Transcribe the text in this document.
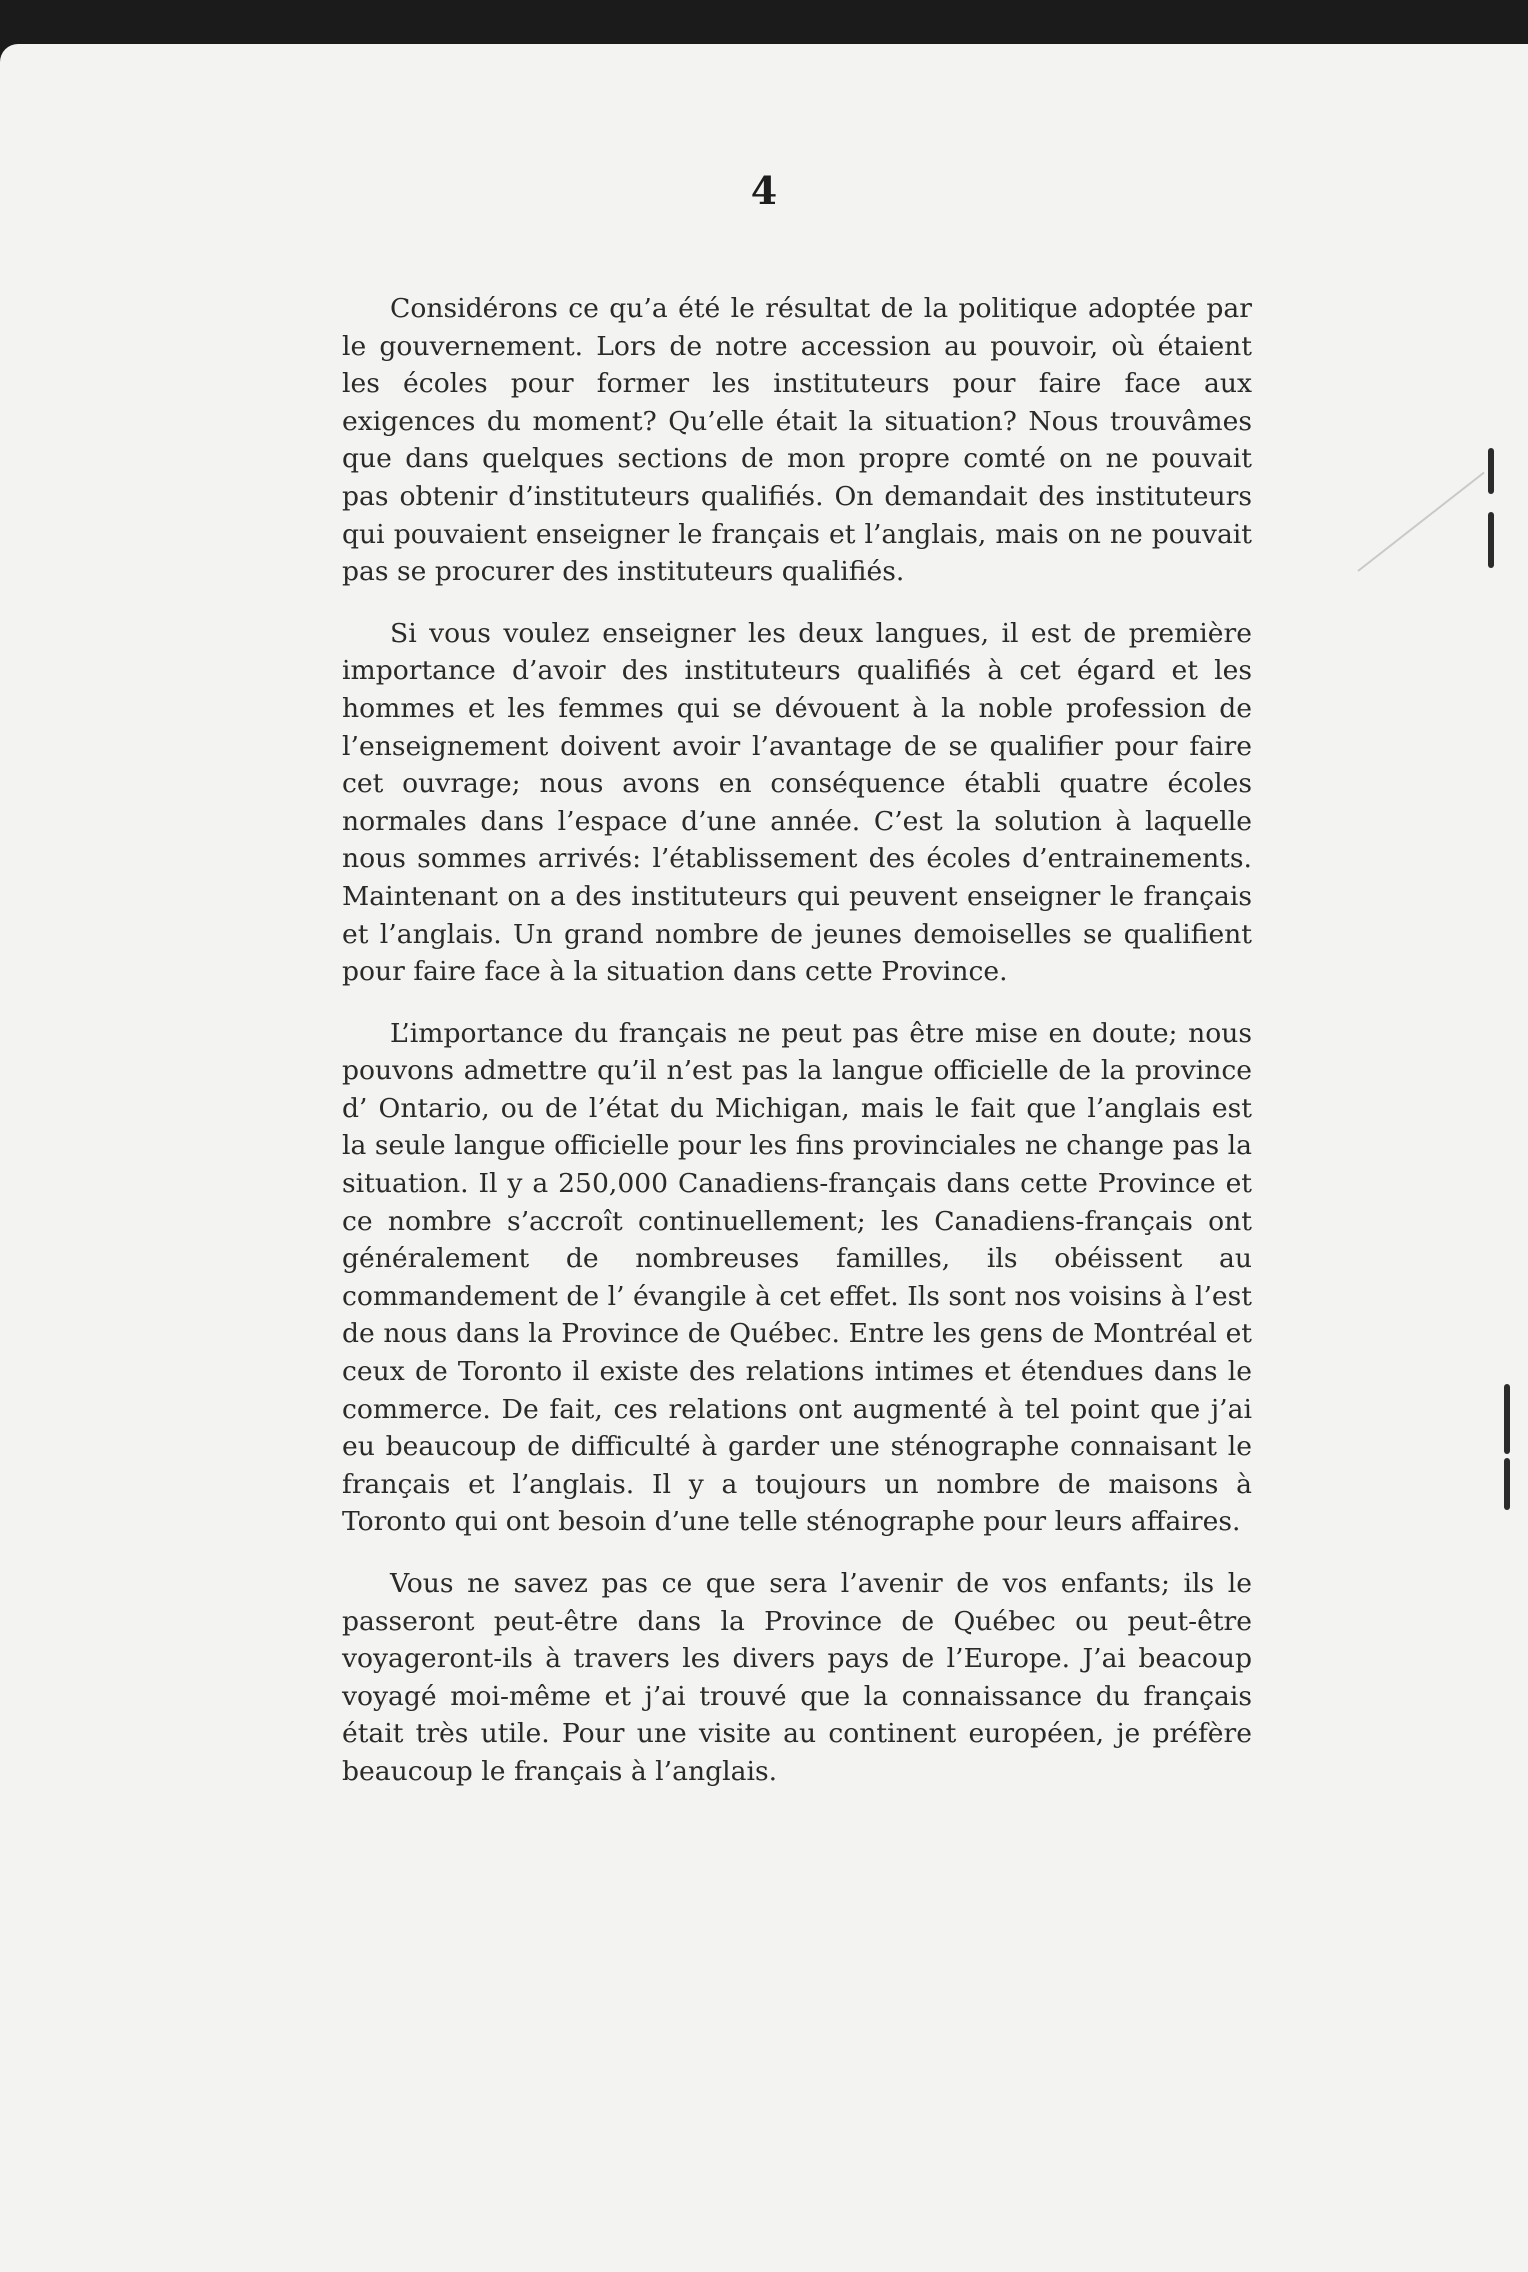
4

Considérons ce qu’a été le résultat de la politique adoptée par le gouvernement. Lors de notre accession au pouvoir, où étaient les écoles pour former les instituteurs pour faire face aux exigences du moment? Qu’elle était la situation? Nous trouvâmes que dans quelques sections de mon propre comté on ne pouvait pas obtenir d’instituteurs qualifiés. On demandait des instituteurs qui pouvaient enseigner le français et l’anglais, mais on ne pouvait pas se procurer des instituteurs qualifiés.

Si vous voulez enseigner les deux langues, il est de première importance d’avoir des instituteurs qualifiés à cet égard et les hommes et les femmes qui se dévouent à la noble profession de l’enseignement doivent avoir l’avantage de se qualifier pour faire cet ouvrage; nous avons en conséquence établi quatre écoles normales dans l’espace d’une année. C’est la solution à laquelle nous sommes arrivés: l’établissement des écoles d’entrainements. Maintenant on a des instituteurs qui peuvent enseigner le français et l’anglais. Un grand nombre de jeunes demoiselles se qualifient pour faire face à la situation dans cette Province.

L’importance du français ne peut pas être mise en doute; nous pouvons admettre qu’il n’est pas la langue officielle de la province d’ Ontario, ou de l’état du Michigan, mais le fait que l’anglais est la seule langue officielle pour les fins provinciales ne change pas la situation. Il y a 250,000 Canadiens-français dans cette Province et ce nombre s’accroît continuellement; les Canadiens-français ont généralement de nombreuses familles, ils obéissent au commandement de l’ évangile à cet effet. Ils sont nos voisins à l’est de nous dans la Province de Québec. Entre les gens de Montréal et ceux de Toronto il existe des relations intimes et étendues dans le commerce. De fait, ces relations ont augmenté à tel point que j’ai eu beaucoup de difficulté à garder une sténographe connaisant le français et l’anglais. Il y a toujours un nombre de maisons à Toronto qui ont besoin d’une telle sténographe pour leurs affaires.

Vous ne savez pas ce que sera l’avenir de vos enfants; ils le passeront peut-être dans la Province de Québec ou peut-être voyageront-ils à travers les divers pays de l’Europe. J’ai beacoup voyagé moi-même et j’ai trouvé que la connaissance du français était très utile. Pour une visite au continent européen, je préfère beaucoup le français à l’anglais.
